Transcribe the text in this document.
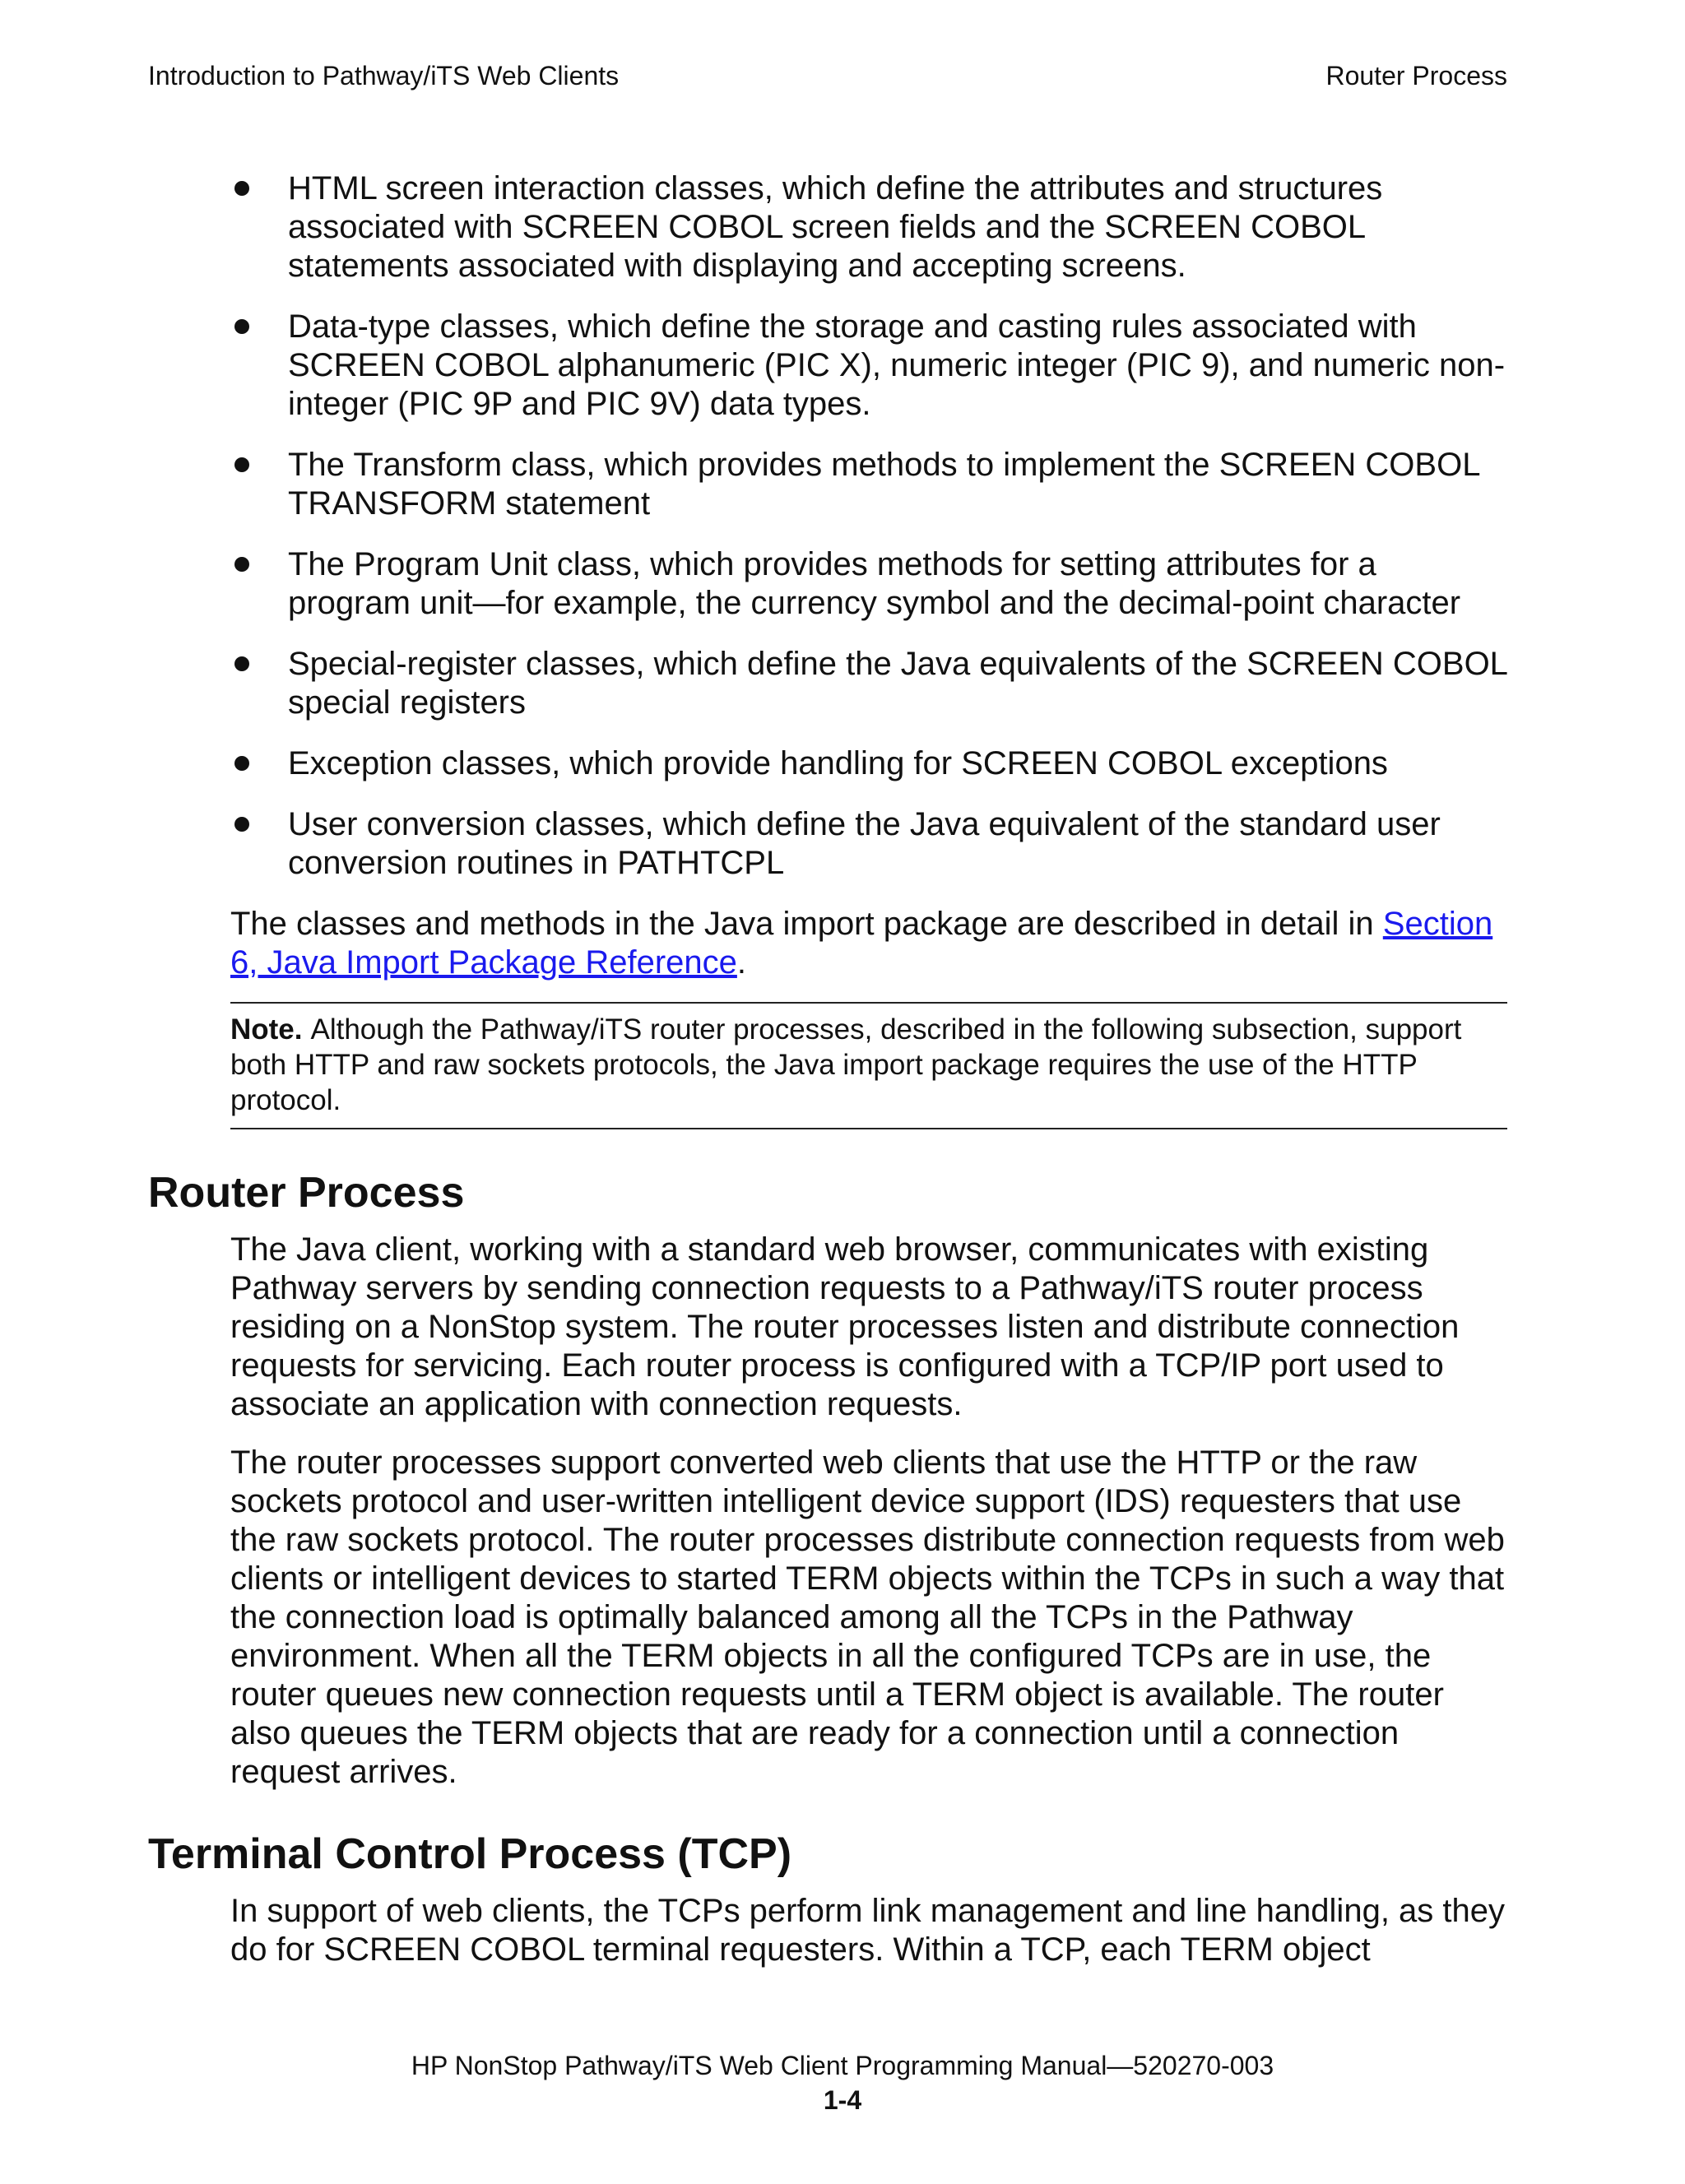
Introduction to Pathway/iTS Web Clients	Router Process
HTML screen interaction classes, which define the attributes and structures associated with SCREEN COBOL screen fields and the SCREEN COBOL statements associated with displaying and accepting screens.
Data-type classes, which define the storage and casting rules associated with SCREEN COBOL alphanumeric (PIC X), numeric integer (PIC 9), and numeric non-integer (PIC 9P and PIC 9V) data types.
The Transform class, which provides methods to implement the SCREEN COBOL TRANSFORM statement
The Program Unit class, which provides methods for setting attributes for a program unit—for example, the currency symbol and the decimal-point character
Special-register classes, which define the Java equivalents of the SCREEN COBOL special registers
Exception classes, which provide handling for SCREEN COBOL exceptions
User conversion classes, which define the Java equivalent of the standard user conversion routines in PATHTCPL

The classes and methods in the Java import package are described in detail in Section 6, Java Import Package Reference.

Note. Although the Pathway/iTS router processes, described in the following subsection, support both HTTP and raw sockets protocols, the Java import package requires the use of the HTTP protocol.
Router Process

The Java client, working with a standard web browser, communicates with existing Pathway servers by sending connection requests to a Pathway/iTS router process residing on a NonStop system. The router processes listen and distribute connection requests for servicing. Each router process is configured with a TCP/IP port used to associate an application with connection requests.

The router processes support converted web clients that use the HTTP or the raw sockets protocol and user-written intelligent device support (IDS) requesters that use the raw sockets protocol. The router processes distribute connection requests from web clients or intelligent devices to started TERM objects within the TCPs in such a way that the connection load is optimally balanced among all the TCPs in the Pathway environment. When all the TERM objects in all the configured TCPs are in use, the router queues new connection requests until a TERM object is available. The router also queues the TERM objects that are ready for a connection until a connection request arrives.

Terminal Control Process (TCP)

In support of web clients, the TCPs perform link management and line handling, as they do for SCREEN COBOL terminal requesters. Within a TCP, each TERM object

HP NonStop Pathway/iTS Web Client Programming Manual—520270-003
1-4
